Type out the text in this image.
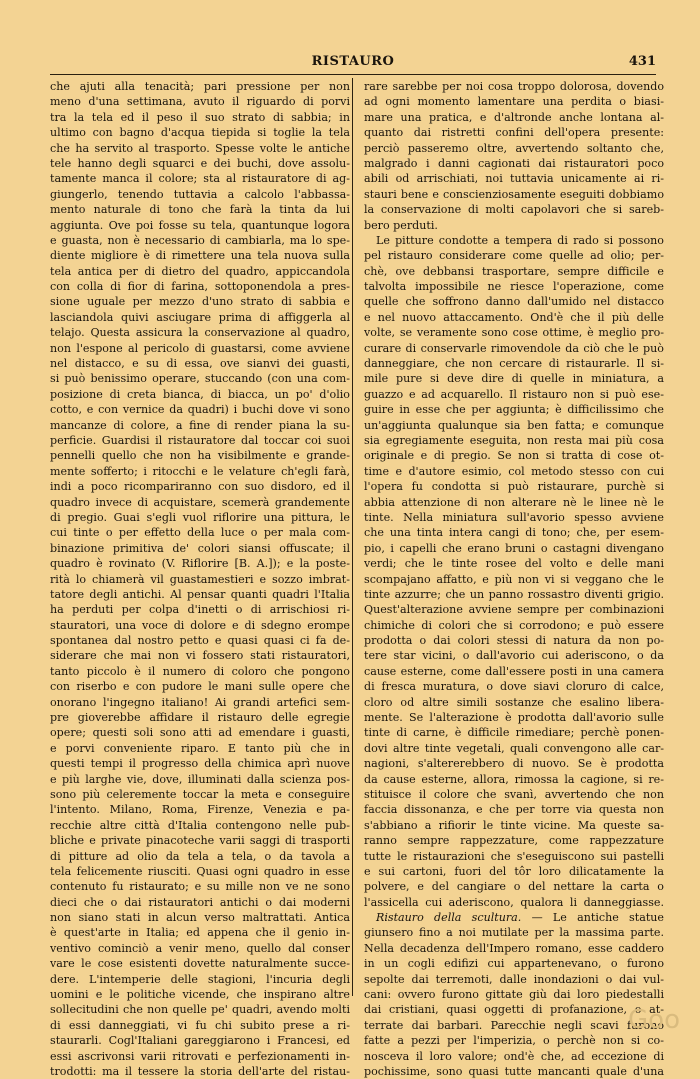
RISTAURO	431
che ajuti alla tenacità; pari pressione per non
meno d'una settimana, avuto il riguardo di porvi
tra la tela ed il peso il suo strato di sabbia; in
ultimo con bagno d'acqua tiepida si toglie la tela
che ha servito al trasporto. Spesse volte le antiche
tele hanno degli squarci e dei buchi, dove assolu-
tamente manca il colore; sta al ristauratore di ag-
giungerlo, tenendo tuttavia a calcolo l'abbassa-
mento naturale di tono che farà la tinta da lui
aggiunta. Ove poi fosse su tela, quantunque logora
e guasta, non è necessario di cambiarla, ma lo spe-
diente migliore è di rimettere una tela nuova sulla
tela antica per di dietro del quadro, appiccandola
con colla di fior di farina, sottoponendola a pres-
sione uguale per mezzo d'uno strato di sabbia e
lasciandola quivi asciugare prima di affiggerla al
telajo. Questa assicura la conservazione al quadro,
non l'espone al pericolo di guastarsi, come avviene
nel distacco, e su di essa, ove sianvi dei guasti,
si può benissimo operare, stuccando (con una com-
posizione di creta bianca, di biacca, un po' d'olio
cotto, e con vernice da quadri) i buchi dove vi sono
mancanze di colore, a fine di render piana la su-
perficie. Guardisi il ristauratore dal toccar coi suoi
pennelli quello che non ha visibilmente e grande-
mente sofferto; i ritocchi e le velature ch'egli farà,
indi a poco ricompariranno con suo disdoro, ed il
quadro invece di acquistare, scemerà grandemente
di pregio. Guai s'egli vuol riflorire una pittura, le
cui tinte o per effetto della luce o per mala com-
binazione primitiva de' colori siansi offuscate; il
quadro è rovinato (V. Riflorire [B. A.]); e la poste-
rità lo chiamerà vil guastamestieri e sozzo imbrat-
tatore degli antichi. Al pensar quanti quadri l'Italia
ha perduti per colpa d'inetti o di arrischiosi ri-
stauratori, una voce di dolore e di sdegno erompe
spontanea dal nostro petto e quasi quasi ci fa de-
siderare che mai non vi fossero stati ristauratori,
tanto piccolo è il numero di coloro che pongono
con riserbo e con pudore le mani sulle opere che
onorano l'ingegno italiano! Ai grandi artefici sem-
pre gioverebbe affidare il ristauro delle egregie
opere; questi soli sono atti ad emendare i guasti,
e porvi conveniente riparo. E tanto più che in
questi tempi il progresso della chimica aprì nuove
e più larghe vie, dove, illuminati dalla scienza pos-
sono più celeremente toccar la meta e conseguire
l'intento. Milano, Roma, Firenze, Venezia e pa-
recchie altre città d'Italia contengono nelle pub-
bliche e private pinacoteche varii saggi di trasporti
di pitture ad olio da tela a tela, o da tavola a
tela felicemente riusciti. Quasi ogni quadro in esse
contenuto fu ristaurato; e su mille non ve ne sono
dieci che o dai ristauratori antichi o dai moderni
non siano stati in alcun verso maltrattati. Antica
è quest'arte in Italia; ed appena che il genio in-
ventivo cominciò a venir meno, quello dal conser
vare le cose esistenti dovette naturalmente succe-
dere. L'intemperie delle stagioni, l'incuria degli
uomini e le politiche vicende, che inspirano altre
sollecitudini che non quelle pe' quadri, avendo molti
di essi danneggiati, vi fu chi subito prese a ri-
staurarli. Cogl'Italiani gareggiarono i Francesi, ed
essi ascrivonsi varii ritrovati e perfezionamenti in-
trodotti: ma il tessere la storia dell'arte del ristau-
rare sarebbe per noi cosa troppo dolorosa, dovendo
ad ogni momento lamentare una perdita o biasi-
mare una pratica, e d'altronde anche lontana al-
quanto dai ristretti confini dell'opera presente:
perciò passeremo oltre, avvertendo soltanto che,
malgrado i danni cagionati dai ristauratori poco
abili od arrischiati, noi tuttavia unicamente ai ri-
stauri bene e conscienziosamente eseguiti dobbiamo
la conservazione di molti capolavori che si sareb-
bero perduti.
Le pitture condotte a tempera di rado si possono
pel ristauro considerare come quelle ad olio; per-
chè, ove debbansi trasportare, sempre difficile e
talvolta impossibile ne riesce l'operazione, come
quelle che soffrono danno dall'umido nel distacco
e nel nuovo attaccamento. Ond'è che il più delle
volte, se veramente sono cose ottime, è meglio pro-
curare di conservarle rimovendole da ciò che le può
danneggiare, che non cercare di ristaurarle. Il si-
mile pure si deve dire di quelle in miniatura, a
guazzo e ad acquarello. Il ristauro non si può ese-
guire in esse che per aggiunta; è difficilissimo che
un'aggiunta qualunque sia ben fatta; e comunque
sia egregiamente eseguita, non resta mai più cosa
originale e di pregio. Se non si tratta di cose ot-
time e d'autore esimio, col metodo stesso con cui
l'opera fu condotta si può ristaurare, purchè si
abbia attenzione di non alterare nè le linee nè le
tinte. Nella miniatura sull'avorio spesso avviene
che una tinta intera cangi di tono; che, per esem-
pio, i capelli che erano bruni o castagni divengano
verdi; che le tinte rosee del volto e delle mani
scompajano affatto, e più non vi si veggano che le
tinte azzurre; che un panno rossastro diventi grigio.
Quest'alterazione avviene sempre per combinazioni
chimiche di colori che si corrodono; e può essere
prodotta o dai colori stessi di natura da non po-
tere star vicini, o dall'avorio cui aderiscono, o da
cause esterne, come dall'essere posti in una camera
di fresca muratura, o dove siavi cloruro di calce,
cloro od altre simili sostanze che esalino libera-
mente. Se l'alterazione è prodotta dall'avorio sulle
tinte di carne, è difficile rimediare; perchè ponen-
dovi altre tinte vegetali, quali convengono alle car-
nagioni, s'altererebbero di nuovo. Se è prodotta
da cause esterne, allora, rimossa la cagione, si re-
stituisce il colore che svanì, avvertendo che non
faccia dissonanza, e che per torre via questa non
s'abbiano a rifiorir le tinte vicine. Ma queste sa-
ranno sempre rappezzature, come rappezzature
tutte le ristaurazioni che s'eseguiscono sui pastelli
e sui cartoni, fuori del tôr loro dilicatamente la
polvere, e del cangiare o del nettare la carta o
l'assicella cui aderiscono, qualora li danneggiasse.
Ristauro della scultura. — Le antiche statue
giunsero fino a noi mutilate per la massima parte.
Nella decadenza dell'Impero romano, esse caddero
in un cogli edifizi cui appartenevano, o furono
sepolte dai terremoti, dalle inondazioni o dai vul-
cani: ovvero furono gittate giù dai loro piedestalli
dai cristiani, quasi oggetti di profanazione, o at-
terrate dai barbari. Parecchie negli scavi furono
fatte a pezzi per l'imperizia, o perchè non si co-
nosceva il loro valore; ond'è che, ad eccezione di
pochissime, sono quasi tutte mancanti quale d'una
Goo
